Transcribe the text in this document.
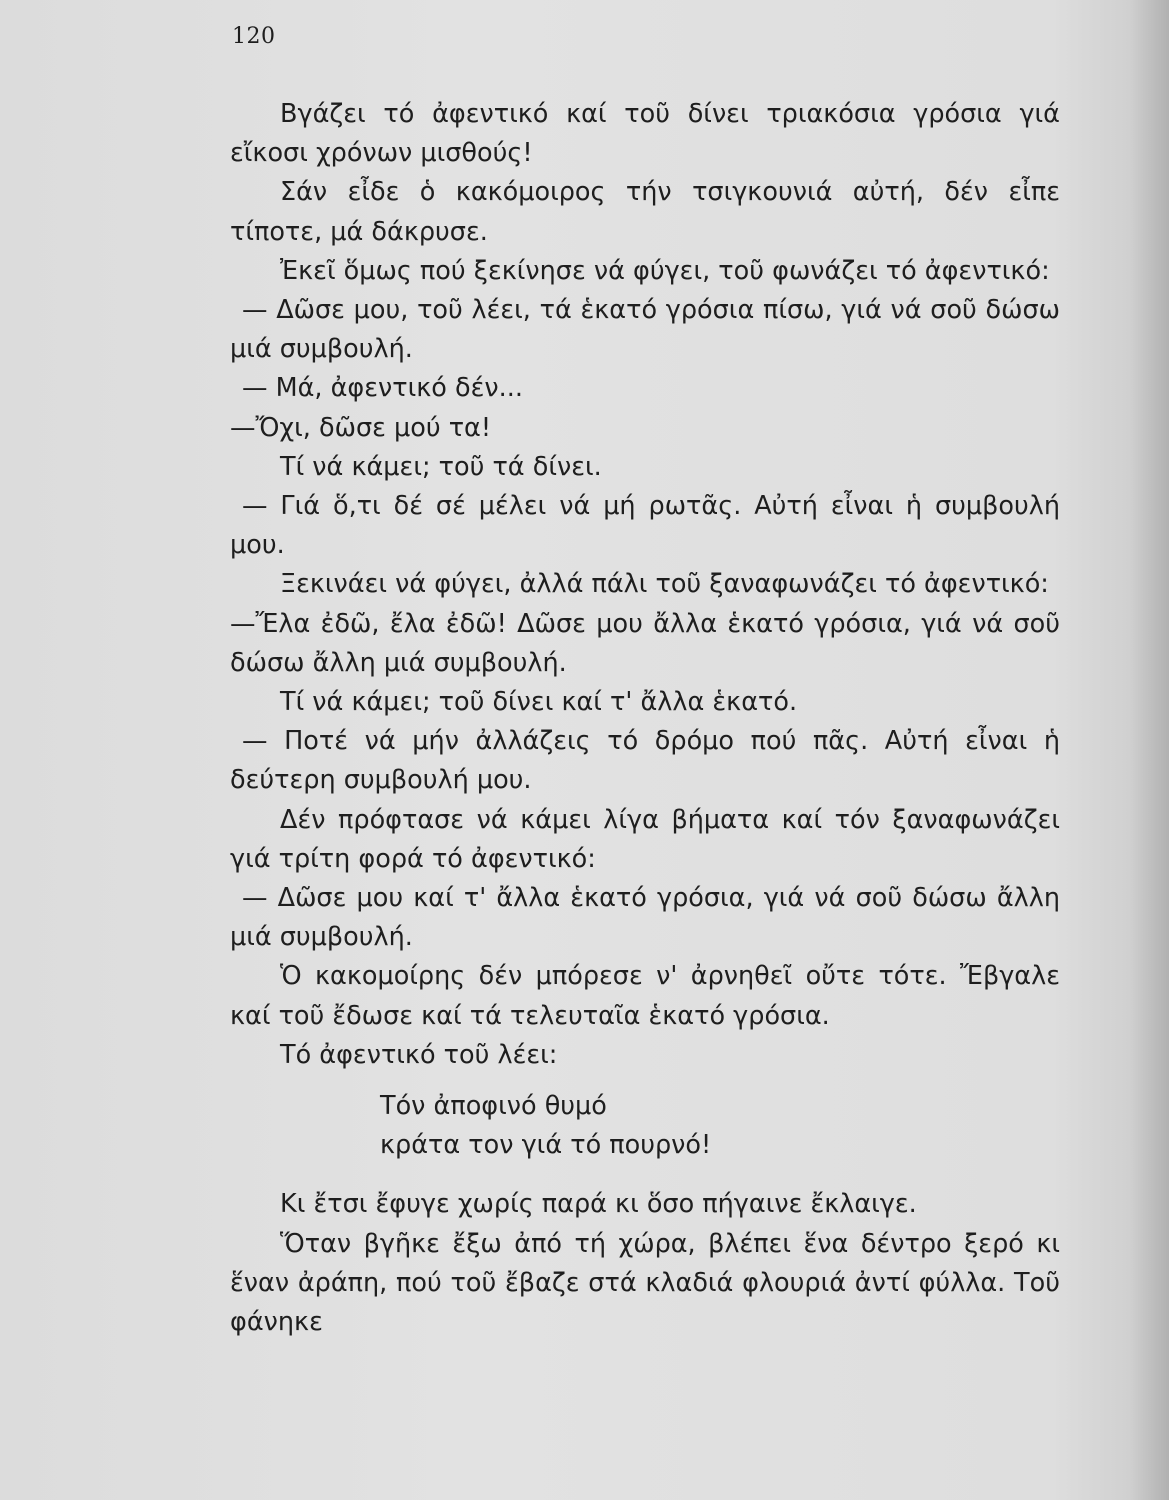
120

Βγάζει τό ἀφεντικό καί τοῦ δίνει τριακόσια γρόσια γιά εἴκοσι χρόνων μισθούς!

Σάν εἶδε ὁ κακόμοιρος τήν τσιγκουνιά αὐτή, δέν εἶπε τίποτε, μά δάκρυσε.

Ἐκεῖ ὅμως πού ξεκίνησε νά φύγει, τοῦ φωνάζει τό ἀφεντικό:

— Δῶσε μου, τοῦ λέει, τά ἑκατό γρόσια πίσω, γιά νά σοῦ δώσω μιά συμβουλή.

— Μά, ἀφεντικό δέν...

—Ὄχι, δῶσε μού τα!

Τί νά κάμει; τοῦ τά δίνει.

— Γιά ὅ,τι δέ σέ μέλει νά μή ρωτᾶς. Αὐτή εἶναι ἡ συμβουλή μου.

Ξεκινάει νά φύγει, ἀλλά πάλι τοῦ ξαναφωνάζει τό ἀφεντικό:

—Ἔλα ἐδῶ, ἔλα ἐδῶ! Δῶσε μου ἄλλα ἑκατό γρόσια, γιά νά σοῦ δώσω ἄλλη μιά συμβουλή.

Τί νά κάμει; τοῦ δίνει καί τ' ἄλλα ἑκατό.

— Ποτέ νά μήν ἀλλάζεις τό δρόμο πού πᾶς. Αὐτή εἶναι ἡ δεύτερη συμβουλή μου.

Δέν πρόφτασε νά κάμει λίγα βήματα καί τόν ξαναφωνάζει γιά τρίτη φορά τό ἀφεντικό:

— Δῶσε μου καί τ' ἄλλα ἑκατό γρόσια, γιά νά σοῦ δώσω ἄλλη μιά συμβουλή.

Ὁ κακομοίρης δέν μπόρεσε ν' ἀρνηθεῖ οὔτε τότε. Ἔβγαλε καί τοῦ ἔδωσε καί τά τελευταῖα ἑκατό γρόσια.

Τό ἀφεντικό τοῦ λέει:

Τόν ἀποφινό θυμό
κράτα τον γιά τό πουρνό!

Κι ἔτσι ἔφυγε χωρίς παρά κι ὅσο πήγαινε ἔκλαιγε.

Ὅταν βγῆκε ἔξω ἀπό τή χώρα, βλέπει ἕνα δέντρο ξερό κι ἕναν ἀράπη, πού τοῦ ἔβαζε στά κλαδιά φλουριά ἀντί φύλλα. Τοῦ φάνηκε
